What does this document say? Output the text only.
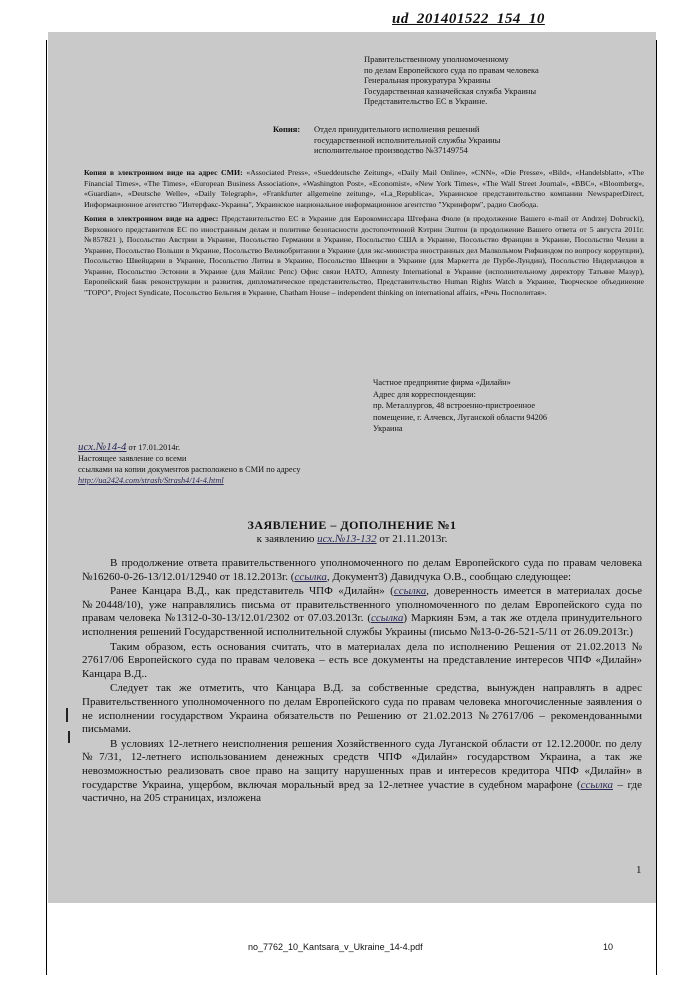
ud_201401522_154_10
Правительственному уполномоченному
по делам Европейского суда по правам человека
Генеральная прокуратура Украины
Государственная казначейская служба Украины
Представительство ЕС в Украине.
Копия: Отдел принудительного исполнения решений
государственной исполнительной службы Украины
исполнительное производство №37149754
Копия в электронном виде на адрес СМИ: «Associated Press», «Sueddeutsche Zeitung», «Daily Mail Online», «CNN», «Die Presse», «Bild», «Handelsblatt», «The Financial Times», «The Times», «European Business Association», «Washington Post», «Economist», «New York Times», «The Wall Street Journal», «BBC», «Bloomberg», «Guardian», «Deutsche Welle», «Daily Telegraph», «Frankfurter allgemeine zeitung», «La_Republica», Украинское представительство компании NewspaperDirect, Информационное агентство "Интерфакс-Украина", Украинское национальное информационное агентство "Укринформ", радио Свобода.
Копия в электронном виде на адрес: Представительство ЕС в Украине для Еврокомиссара Штефана Фюле (в продолжение Вашего e-mail от Andrzej Dobrucki), Верховного представителя ЕС по иностранным делам и политике безопасности достопочтенной Кэтрин Эштон (в продолжение Вашего ответа от 5 августа 2011г. №857821 ), Посольство Австрии в Украине, Посольство Германии в Украине, Посольство США в Украине, Посольство Франции в Украине, Посольство Чехии в Украине, Посольство Польши в Украине, Посольство Великобритании в Украине (для экс-министра иностранных дел Малкольмом Рифкиндом по вопросу коррупции), Посольство Швейцарии в Украине, Посольство Литвы в Украине, Посольство Швеции в Украине (для Маркетта де Пурбе-Лундин), Посольство Нидерландов в Украине, Посольство Эстонии в Украине (для Майлис Репс) Офис связи НАТО, Amnesty International в Украине (исполнительному директору Татьяне Мазур), Европейский банк реконструкции и развития, дипломатическое представительство, Представительство Human Rights Watch в Украине, Творческое объединение "ТОРО", Project Syndicate, Посольство Бельгия в Украине, Chatham House – independent thinking on international affairs, «Речь Посполитая».
Частное предприятие фирма «Дилайн»
Адрес для корреспонденции:
пр. Металлургов, 48 встроенно-пристроенное
помещение, г. Алчевск, Луганской области 94206
Украина
исх.№14-4 от 17.01.2014г.
Настоящее заявление со всеми
ссылками на копии документов расположено в СМИ по адресу
http://ua2424.com/strash/Strash4/14-4.html
ЗАЯВЛЕНИЕ – ДОПОЛНЕНИЕ №1
к заявлению исх.№13-132 от 21.11.2013г.

В продолжение ответа правительственного уполномоченного по делам Европейского суда по правам человека №16260-0-26-13/12.01/12940 от 18.12.2013г. (ссылка, Документ3) Давидчука О.В., сообщаю следующее:

Ранее Канцара В.Д., как представитель ЧПФ «Дилайн» (ссылка, доверенность имеется в материалах досье №20448/10), уже направлялись письма от правительственного уполномоченного по делам Европейского суда по правам человека №1312-0-30-13/12.01/2302 от 07.03.2013г. (ссылка) Маркиян Бэм, а так же отдела принудительного исполнения решений Государственной исполнительной службы Украины (письмо №13-0-26-521-5/11 от 26.09.2013г.)

Таким образом, есть основания считать, что в материалах дела по исполнению Решения от 21.02.2013 № 27617/06 Европейского суда по правам человека – есть все документы на представление интересов ЧПФ «Дилайн» Канцара В.Д..

Следует так же отметить, что Канцара В.Д. за собственные средства, вынужден направлять в адрес Правительственного уполномоченного по делам Европейского суда по правам человека многочисленные заявления о не исполнении государством Украина обязательств по Решению от 21.02.2013 №27617/06 – рекомендованными письмами.

В условиях 12-летнего неисполнения решения Хозяйственного суда Луганской области от 12.12.2000г. по делу №7/31, 12-летнего использованием денежных средств ЧПФ «Дилайн» государством Украина, а так же невозможностью реализовать свое право на защиту нарушенных прав и интересов кредитора ЧПФ «Дилайн» в государстве Украина, ущербом, включая моральный вред за 12-летнее участие в судебном марафоне (ссылка – где частично, на 205 страницах, изложена

1
no_7762_10_Kantsara_v_Ukraine_14-4.pdf	10
